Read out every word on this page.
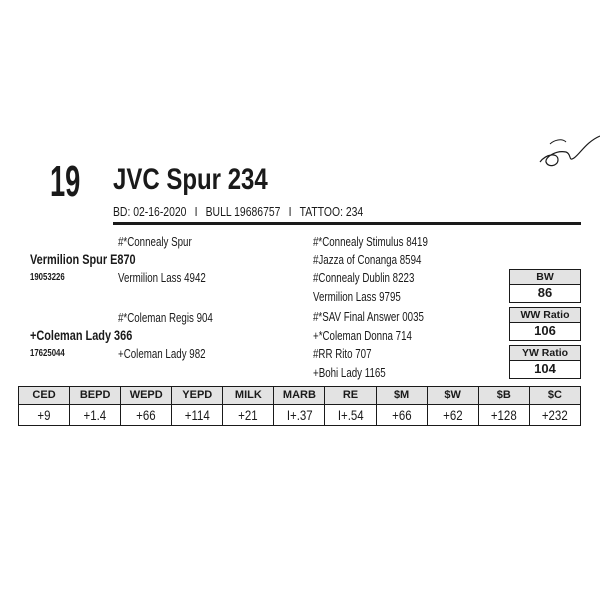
19	JVC Spur 234
BD: 02-16-2020 I BULL 19686757 I TATTOO: 234
#*Connealy Spur
Vermilion Spur E870
19053226	Vermilion Lass 4942
#*Coleman Regis 904
+Coleman Lady 366
17625044	+Coleman Lady 982
#*Connealy Stimulus 8419
#Jazza of Conanga 8594
#Connealy Dublin 8223
Vermilion Lass 9795
#*SAV Final Answer 0035
+*Coleman Donna 714
#RR Rito 707
+Bohi Lady 1165
BW
86
WW Ratio
106
YW Ratio
104
CED	BEPD	WEPD	YEPD	MILK	MARB	RE	$M	$W	$B	$C
+9	+1.4	+66	+114	+21	I+.37	I+.54	+66	+62	+128	+232
